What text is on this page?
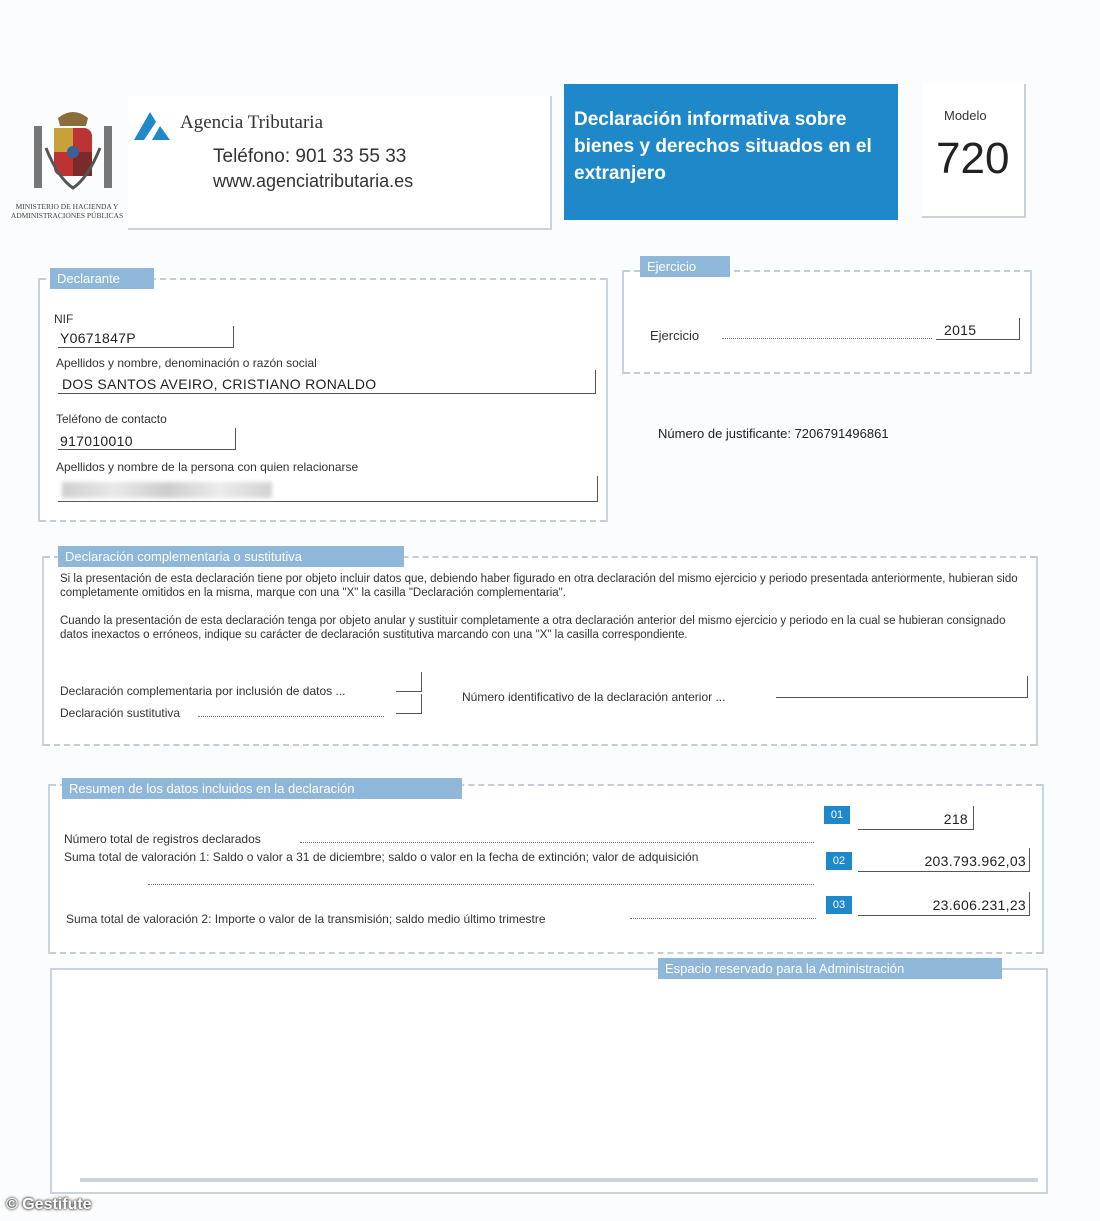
MINISTERIO DE HACIENDA Y ADMINISTRACIONES PÚBLICAS
Agencia Tributaria
Teléfono: 901 33 55 33
www.agenciatributaria.es
Declaración informativa sobre bienes y derechos situados en el extranjero
Modelo
720
Declarante
NIF
Y0671847P
Apellidos y nombre, denominación o razón social
DOS SANTOS AVEIRO, CRISTIANO RONALDO
Teléfono de contacto
917010010
Apellidos y nombre de la persona con quien relacionarse
Ejercicio
Ejercicio	2015
Número de justificante: 7206791496861
Declaración complementaria o sustitutiva
Si la presentación de esta declaración tiene por objeto incluir datos que, debiendo haber figurado en otra declaración del mismo ejercicio y periodo presentada anteriormente, hubieran sido completamente omitidos en la misma, marque con una "X" la casilla "Declaración complementaria".
Cuando la presentación de esta declaración tenga por objeto anular y sustituir completamente a otra declaración anterior del mismo ejercicio y periodo en la cual se hubieran consignado datos inexactos o erróneos, indique su carácter de declaración sustitutiva marcando con una "X" la casilla correspondiente.
Declaración complementaria por inclusión de datos ...
Declaración sustitutiva
Número identificativo de la declaración anterior ...
Resumen de los datos incluidos en la declaración
Número total de registros declarados
01	218
Suma total de valoración 1: Saldo o valor a 31 de diciembre; saldo o valor en la fecha de extinción; valor de adquisición	02	203.793.962,03
Suma total de valoración 2: Importe o valor de la transmisión; saldo medio último trimestre
03	23.606.231,23
Espacio reservado para la Administración
© Gestifute
